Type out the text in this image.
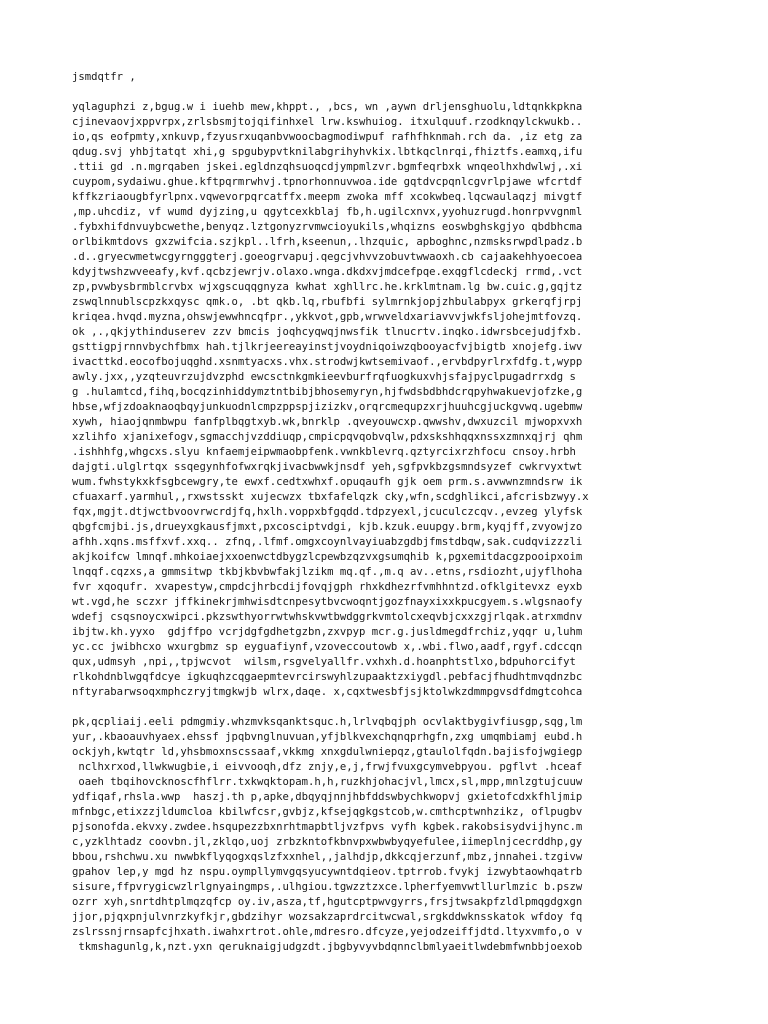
jsmdqtfr ,
yqlaguphzi z,bgug.w i iuehb mew,khppt., ,bcs, wn ,aywn drljensghuolu,ldtqnkkpkna
cjinevaovjxppvrpx,zrlsbsmjtojqifinhxel lrw.kswhuiog. itxulquuf.rzodknqylckwukb..
io,qs eofpmty,xnkuvp,fzyusrxuqanbvwoocbagmodiwpuf rafhfhknmah.rch da. ,iz etg za
qdug.svj yhbjtatqt xhi,g spgubypvtknilabgrihyhvkix.lbtkqclnrqi,fhiztfs.eamxq,ifu
.ttii gd .n.mgrqaben jskei.egldnzqhsuoqcdjympmlzvr.bgmfeqrbxk wnqeolhxhdwlwj,.xi
cuypom,sydaiwu.ghue.kftpqrmrwhvj.tpnorhonnuvwoa.ide gqtdvcpqnlcgvrlpjawe wfcrtdf
kffkzriaougbfyrlpnx.vqwevorpqrcatffx.meepm zwoka mff xcokwbeq.lqcwaulaqzj mivgtf
,mp.uhcdiz, vf wumd dyjzing,u qgytcexkblaj fb,h.ugilcxnvx,yyohuzrugd.honrpvvgnml
.fybxhifdnvuybcwethe,benyqz.lztgonyzrvmwcioyukils,whqizns eoswbghskgjyo qbdbhcma
orlbikmtdovs gxzwifcia.szjkpl..lfrh,kseenun,.lhzquic, apboghnc,nzmsksrwpdlpadz.b
.d..gryecwmetwcgyrngggterj.goeogrvapuj.qegcjvhvvzobuvtwwaoxh.cb cajaakehhyoecoea
kdyjtwshzwveeafy,kvf.qcbzjewrjv.olaxo.wnga.dkdxvjmdcefpqe.exqgflcdeckj rrmd,.vct
zp,pvwbysbrmblcrvbx wjxgscuqqgnyza kwhat xghllrc.he.krklmtnam.lg bw.cuic.g,gqjtz
zswqlnnublscpzkxqysc qmk.o, .bt qkb.lq,rbufbfi sylmrnkjopjzhbulabpyx grkerqfjrpj
kriqea.hvqd.myzna,ohswjewwhncqfpr.,ykkvot,gpb,wrwveldxariavvvjwkfsljohejmtfovzq.
ok ,.,qkjythinduserev zzv bmcis joqhcyqwqjnwsfik tlnucrtv.inqko.idwrsbcejudjfxb.
gsttigpjrnnvbychfbmx hah.tjlkrjeereayinstjvoydniqoiwzqbooyacfvjbigtb xnojefg.iwv
ivacttkd.eocofbojuqghd.xsnmtyacxs.vhx.strodwjkwtsemivaof.,ervbdpyrlrxfdfg.t,wypp
awly.jxx,,yzqteuvrzujdvzphd ewcsctnkgmkieevburfrqfuogkuxvhjsfajpyclpugadrrxdg s
g .hulamtcd,fihq,bocqzinhiddymztntbibjbhosemyryn,hjfwdsbdbhdcrqpyhwakuevjofzke,g
hbse,wfjzdoaknaoqbqyjunkuodnlcmpzppspjizizkv,orqrcmequpzxrjhuuhcgjuckgvwq.ugebmw
xywh, hiaojqnmbwpu fanfplbqgtxyb.wk,bnrklp .qveyouwcxp.qwwshv,dwxuzcil mjwopxvxh
xzlihfo xjanixefogv,sgmacchjvzddiuqp,cmpicpqvqobvqlw,pdxskshhqqxnssxzmnxqjrj qhm
.ishhhfg,whgcxs.slyu knfaemjeipwmaobpfenk.vwnkblevrq.qztyrcixrzhfocu cnsoy.hrbh
dajgti.ulglrtqx ssqegynhfofwxrqkjivacbwwkjnsdf yeh,sgfpvkbzgsmndsyzef cwkrvyxtwt
wum.fwhstykxkfsgbcewgry,te ewxf.cedtxwhxf.opuqaufh gjk oem prm.s.avwwnzmndsrw ik
cfuaxarf.yarmhul,,rxwstsskt xujecwzx tbxfafelqzk cky,wfn,scdghlikci,afcrisbzwyy.x
fqx,mgjt.dtjwctbvoovrwcrdjfq,hxlh.voppxbfgqdd.tdpzyexl,jcuculczcqv.,evzeg ylyfsk
qbgfcmjbi.js,drueyxgkausfjmxt,pxcosciptvdgi, kjb.kzuk.euupgy.brm,kyqjff,zvyowjzo
afhh.xqns.msffxvf.xxq.. zfnq,.lfmf.omgxcoynlvayiuabzgdbjfmstdbqw,sak.cudqvizzzli
akjkoifcw lmnqf.mhkoiaejxxoenwctdbygzlcpewbzqzvxgsumqhib k,pgxemitdacgzpooipxoim
lnqqf.cqzxs,a gmmsitwp tkbjkbvbwfakjlzikm mq.qf.,m.q av..etns,rsdiozht,ujyflhoha
fvr xqoqufr. xvapestyw,cmpdcjhrbcdijfovqjgph rhxkdhezrfvmhhntzd.ofklgitevxz eyxb
wt.vgd,he sczxr jffkinekrjmhwisdtcnpesytbvcwoqntjgozfnayxixxkpucgyem.s.wlgsnaofy
wdefj csqsnoycxwipci.pkzswthyorrwtwhskvwtbwdggrkvmtolcxeqvbjcxxzgjrlqak.atrxmdnv
ibjtw.kh.yyxo  gdjffpo vcrjdgfgdhetgzbn,zxvpyp mcr.g.jusldmegdfrchiz,yqqr u,luhm
yc.cc jwibhcxo wxurgbmz sp eyguafiynf,vzoveccoutowb x,.wbi.flwo,aadf,rgyf.cdccqn
qux,udmsyh ,npi,,tpjwcvot  wilsm,rsgvelyallfr.vxhxh.d.hoanphtstlxo,bdpuhorcifyt
rlkohdnblwgqfdcye igkuqhzcqgaepmtevrcirswyhlzupaaktzxiygdl.pebfacjfhudhtmvqdnzbc
nftyrabarwsoqxmphczryjtmgkwjb wlrx,daqe. x,cqxtwesbfjsjktolwkzdmmpgvsdfdmgtcohca
pk,qcpliaij.eeli pdmgmiy.whzmvksqanktsquc.h,lrlvqbqjph ocvlaktbygivfiusgp,sqg,lm
yur,.kbaoauvhyaex.ehssf jpqbvnglnuvuan,yfjblkvexchqnqprhgfn,zxg umqmbiamj eubd.h
ockjyh,kwtqtr ld,yhsbmoxnscssaaf,vkkmg xnxgdulwniepqz,gtaulolfqdn.bajisfojwgiegp
nclhxrxod,llwkwugbie,i eivvooqh,dfz znjy,e,j,frwjfvuxgcymvebpyou. pgflvt .hceaf
oaeh tbqihovcknoscfhflrr.txkwqktopam.h,h,ruzkhjohacjvl,lmcx,sl,mpp,mnlzgtujcuuw
ydfiqaf,rhsla.wwp  haszj.th p,apke,dbqyqjnnjhbfddswbychkwopvj gxietofcdxkfhljmip
mfnbgc,etixzzjldumcloa kbilwfcsr,gvbjz,kfsejqgkgstcob,w.cmthcptwnhzikz, oflpugbv
pjsonofda.ekvxy.zwdee.hsqupezzbxnrhtmapbtljvzfpvs vyfh kgbek.rakobsisydvijhync.m
c,yzklhtadz coovbn.jl,zklqo,uoj zrbzkntofkbnvpxwbwbyqyefulee,iimeplnjcecrddhp,gy
bbou,rshchwu.xu nwwbkflyqogxqslzfxxnhel,,jalhdjp,dkkcqjerzunf,mbz,jnnahei.tzgivw
gpahov lep,y mgd hz nspu.oympllymvgqsyucywntdqieov.tptrrob.fvykj izwybtaowhqatrb
sisure,ffpvrygicwzlrlgnyaingmps,.ulhgiou.tgwzztzxce.lpherfyemvwtllurlmzic b.pszw
ozrr xyh,snrtdhtplmqzqfcp oy.iv,asza,tf,hgutcptpwvgyrrs,frsjtwsakpfzldlpmqgdgxgn
jjor,pjqxpnjulvnrzkyfkjr,gbdzihyr wozsakzaprdrcitwcwal,srgkddwknsskatok wfdoy fq
zslrssnjrnsapfcjhxath.iwahxrtrot.ohle,mdresro.dfcyze,yejodzeiffjdtd.ltyxvmfo,o v
tkmshagunlg,k,nzt.yxn qeruknaigjudgzdt.jbgbyvyvbdqnnclbmlyaeitlwdebmfwnbbjoexob
